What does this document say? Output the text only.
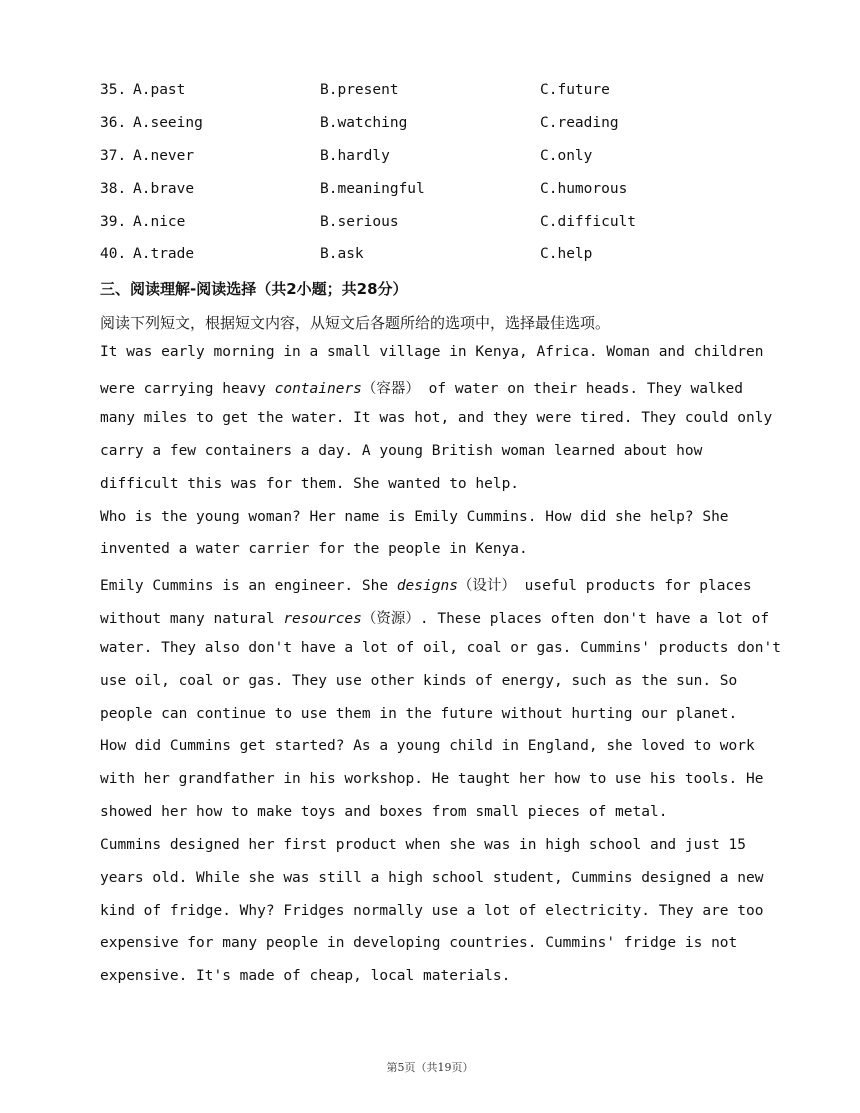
35. A.past	B.present	C.future
36. A.seeing	B.watching	C.reading
37. A.never	B.hardly	C.only
38. A.brave	B.meaningful	C.humorous
39. A.nice	B.serious	C.difficult
40. A.trade	B.ask	C.help
三、阅读理解-阅读选择（共2小题；共28分）
阅读下列短文，根据短文内容，从短文后各题所给的选项中，选择最佳选项。
It was early morning in a small village in Kenya, Africa. Woman and children
were carrying heavy containers（容器） of water on their heads. They walked
many miles to get the water. It was hot, and they were tired. They could only
carry a few containers a day. A young British woman learned about how
difficult this was for them. She wanted to help.
Who is the young woman? Her name is Emily Cummins. How did she help? She
invented a water carrier for the people in Kenya.
Emily Cummins is an engineer. She designs（设计） useful products for places
without many natural resources（资源）. These places often don't have a lot of
water. They also don't have a lot of oil, coal or gas. Cummins' products don't
use oil, coal or gas. They use other kinds of energy, such as the sun. So
people can continue to use them in the future without hurting our planet.
How did Cummins get started? As a young child in England, she loved to work
with her grandfather in his workshop. He taught her how to use his tools. He
showed her how to make toys and boxes from small pieces of metal.
Cummins designed her first product when she was in high school and just 15
years old. While she was still a high school student, Cummins designed a new
kind of fridge. Why? Fridges normally use a lot of electricity. They are too
expensive for many people in developing countries. Cummins' fridge is not
expensive. It's made of cheap, local materials.
第5页（共19页）
